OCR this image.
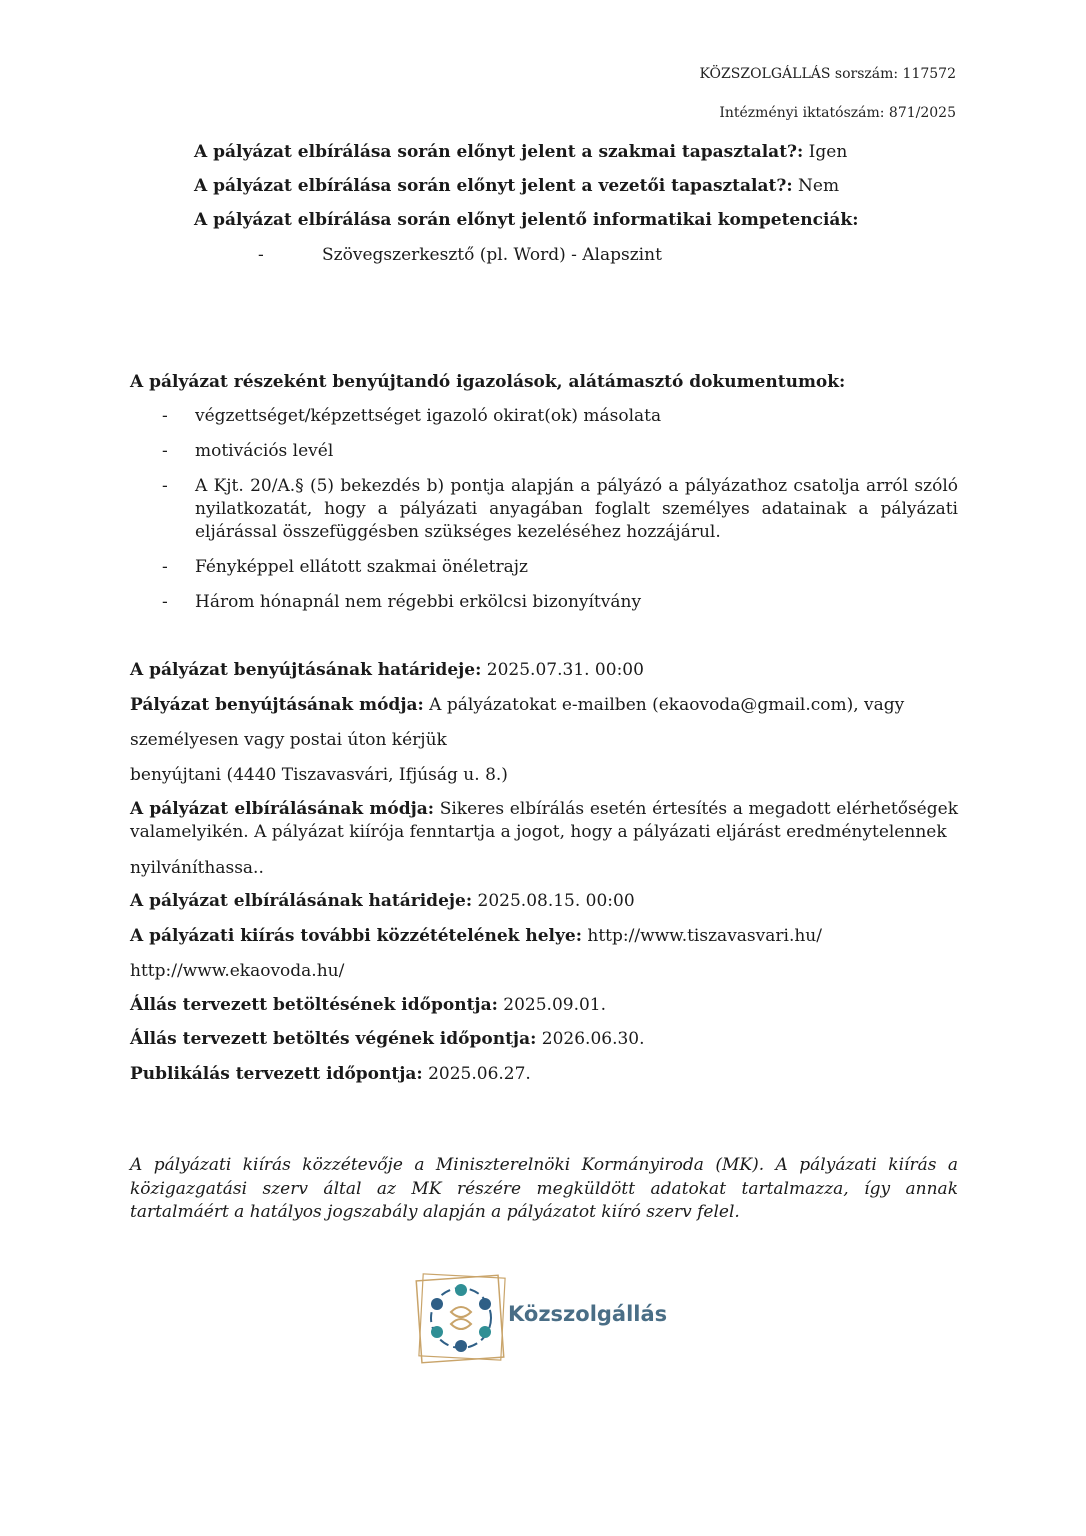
KÖZSZOLGÁLLÁS sorszám: 117572
Intézményi iktatószám: 871/2025
A pályázat elbírálása során előnyt jelent a szakmai tapasztalat?: Igen
A pályázat elbírálása során előnyt jelent a vezetői tapasztalat?: Nem
A pályázat elbírálása során előnyt jelentő informatikai kompetenciák:
-	Szövegszerkesztő (pl. Word) - Alapszint
A pályázat részeként benyújtandó igazolások, alátámasztó dokumentumok:
- végzettséget/képzettséget igazoló okirat(ok) másolata
- motivációs levél
- A Kjt. 20/A.§ (5) bekezdés b) pontja alapján a pályázó a pályázathoz csatolja arról szóló nyilatkozatát, hogy a pályázati anyagában foglalt személyes adatainak a pályázati eljárással összefüggésben szükséges kezeléséhez hozzájárul.
- Fényképpel ellátott szakmai önéletrajz
- Három hónapnál nem régebbi erkölcsi bizonyítvány
A pályázat benyújtásának határideje: 2025.07.31. 00:00
Pályázat benyújtásának módja: A pályázatokat e-mailben (ekaovoda@gmail.com), vagy
személyesen vagy postai úton kérjük
benyújtani (4440 Tiszavasvári, Ifjúság u. 8.)
A pályázat elbírálásának módja: Sikeres elbírálás esetén értesítés a megadott elérhetőségek valamelyikén. A pályázat kiírója fenntartja a jogot, hogy a pályázati eljárást eredménytelennek
nyilváníthassa..
A pályázat elbírálásának határideje: 2025.08.15. 00:00
A pályázati kiírás további közzétételének helye: http://www.tiszavasvari.hu/
http://www.ekaovoda.hu/
Állás tervezett betöltésének időpontja: 2025.09.01.
Állás tervezett betöltés végének időpontja: 2026.06.30.
Publikálás tervezett időpontja: 2025.06.27.
A pályázati kiírás közzétevője a Miniszterelnöki Kormányiroda (MK). A pályázati kiírás a közigazgatási szerv által az MK részére megküldött adatokat tartalmazza, így annak tartalmáért a hatályos jogszabály alapján a pályázatot kiíró szerv felel.
Közszolgállás
